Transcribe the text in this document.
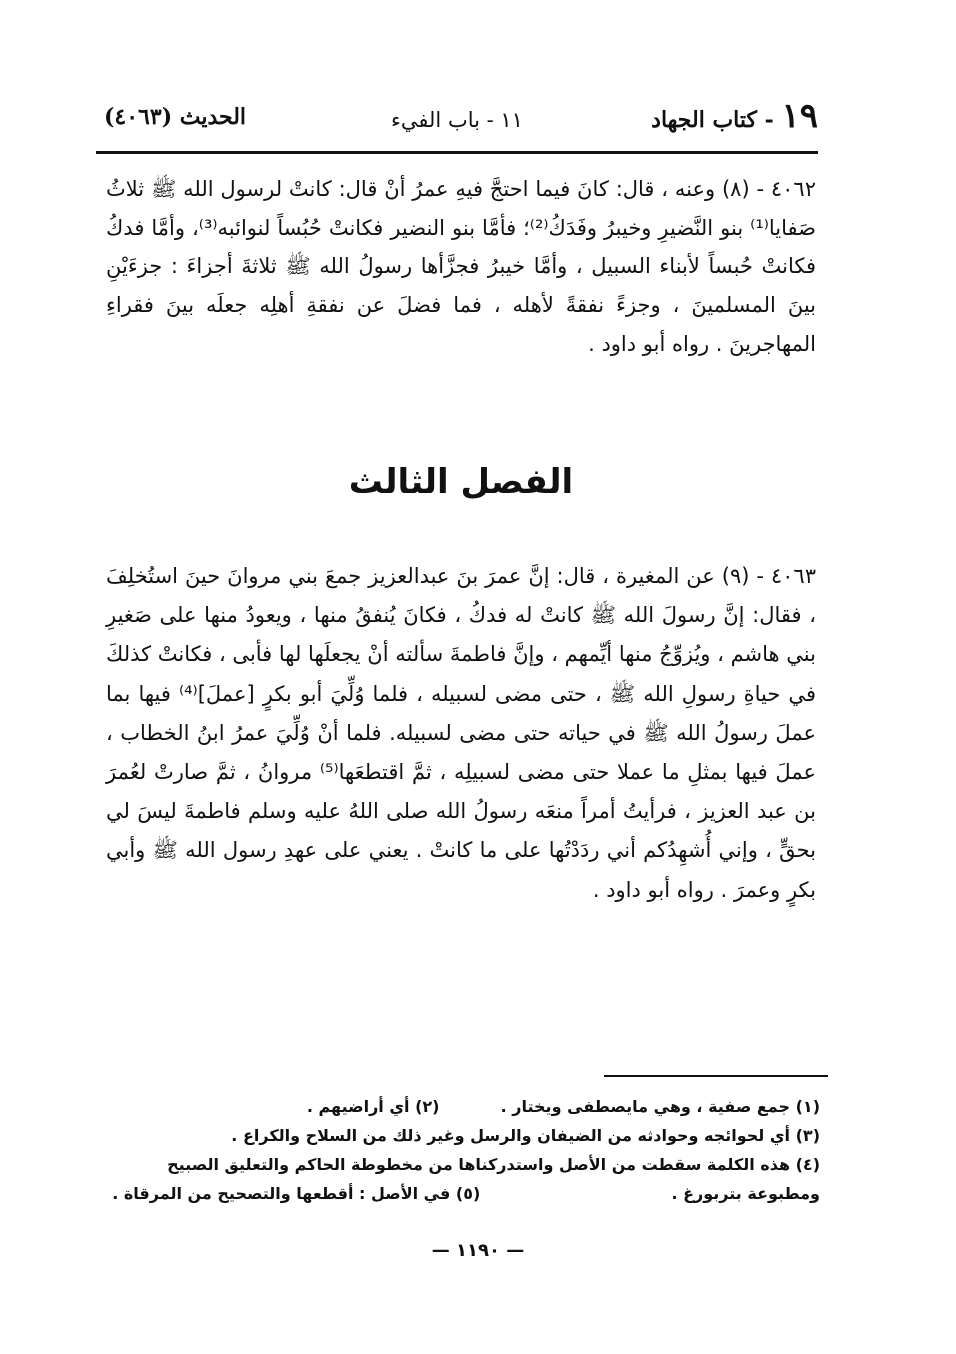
١٩ - كتاب الجهاد
١١ - باب الفيء
الحديث (٤٠٦٣)
٤٠٦٢ - (٨) وعنه ، قال: كانَ فيما احتجَّ فيهِ عمرُ أنْ قال: كانتْ لرسول الله ﷺ ثلاثُ صَفايا⁽¹⁾ بنو النَّضيرِ وخيبرُ وفَدَكُ⁽²⁾؛ فأمَّا بنو النضير فكانتْ حُبُساً لنوائبه⁽³⁾، وأمَّا فدكُ فكانتْ حُبساً لأبناء السبيل ، وأمَّا خيبرُ فجزَّأها رسولُ الله ﷺ ثلاثةَ أجزاءَ : جزءَيْنِ بينَ المسلمينَ ، وجزءً نفقةً لأهله ، فما فضلَ عن نفقةِ أهلِه جعلَه بينَ فقراءِ المهاجرينَ . رواه أبو داود .
الفصل الثالث
٤٠٦٣ - (٩) عن المغيرة ، قال: إنَّ عمرَ بنَ عبدالعزيز جمعَ بني مروانَ حينَ استُخلِفَ ، فقال: إنَّ رسولَ الله ﷺ كانتْ له فدكُ ، فكانَ يُنفقُ منها ، ويعودُ منها على صَغيرِ بني هاشم ، ويُزوِّجُ منها أيِّمهم ، وإنَّ فاطمةَ سألته أنْ يجعلَها لها فأبى ، فكانتْ كذلكَ في حياةِ رسولِ الله ﷺ ، حتى مضى لسبيله ، فلما وُلِّيَ أبو بكرٍ [عملَ]⁽⁴⁾ فيها بما عملَ رسولُ الله ﷺ في حياته حتى مضى لسبيله. فلما أنْ وُلِّيَ عمرُ ابنُ الخطاب ، عملَ فيها بمثلِ ما عملا حتى مضى لسبيلِه ، ثمَّ اقتطعَها⁽⁵⁾ مروانُ ، ثمَّ صارتْ لعُمرَ بن عبد العزيز ، فرأيتُ أمراً منعَه رسولُ الله صلى اللهُ عليه وسلم فاطمةَ ليسَ لي بحقٍّ ، وإني أُشهِدُكم أني ردَدْتُها على ما كانتْ . يعني على عهدِ رسول الله ﷺ وأبي بكرٍ وعمرَ . رواه أبو داود .
(١) جمع صفية ، وهي مايصطفى ويختار .  (٢) أي أراضيهم .
(٣) أي لحوائجه وحوادثه من الضيفان والرسل وغير ذلك من السلاح والكراع .
(٤) هذه الكلمة سقطت من الأصل واستدركناها من مخطوطة الحاكم والتعليق الصبيح
ومطبوعة بتربورغ .  (٥) في الأصل : أقطعها والتصحيح من المرقاة .
— ١١٩٠ —
